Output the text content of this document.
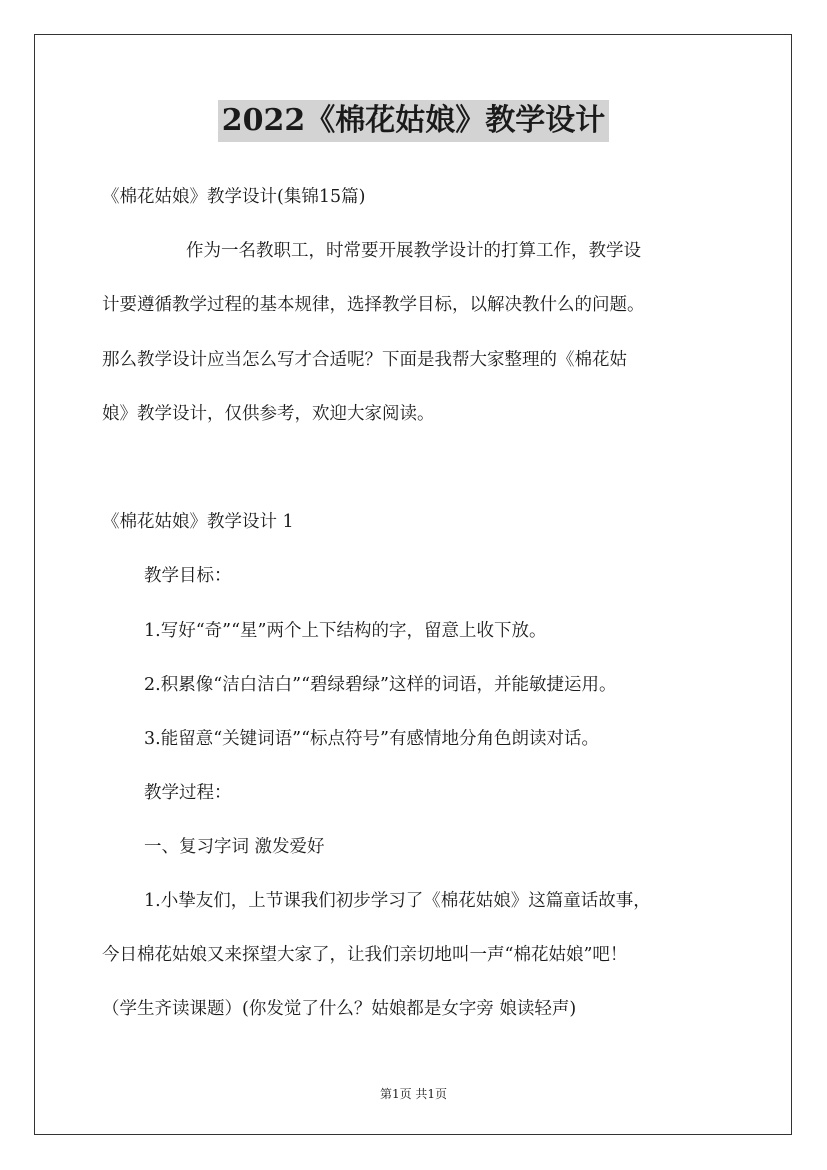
2022《棉花姑娘》教学设计
《棉花姑娘》教学设计(集锦15篇)
作为一名教职工，时常要开展教学设计的打算工作，教学设
计要遵循教学过程的基本规律，选择教学目标，以解决教什么的问题。
那么教学设计应当怎么写才合适呢？下面是我帮大家整理的《棉花姑
娘》教学设计，仅供参考，欢迎大家阅读。
《棉花姑娘》教学设计 1
教学目标：
1.写好“奇”“星”两个上下结构的字，留意上收下放。
2.积累像“洁白洁白”“碧绿碧绿”这样的词语，并能敏捷运用。
3.能留意“关键词语”“标点符号”有感情地分角色朗读对话。
教学过程：
一、复习字词 激发爱好
1.小挚友们，上节课我们初步学习了《棉花姑娘》这篇童话故事，
今日棉花姑娘又来探望大家了，让我们亲切地叫一声“棉花姑娘”吧！
（学生齐读课题）(你发觉了什么？姑娘都是女字旁 娘读轻声)
第1页 共1页
